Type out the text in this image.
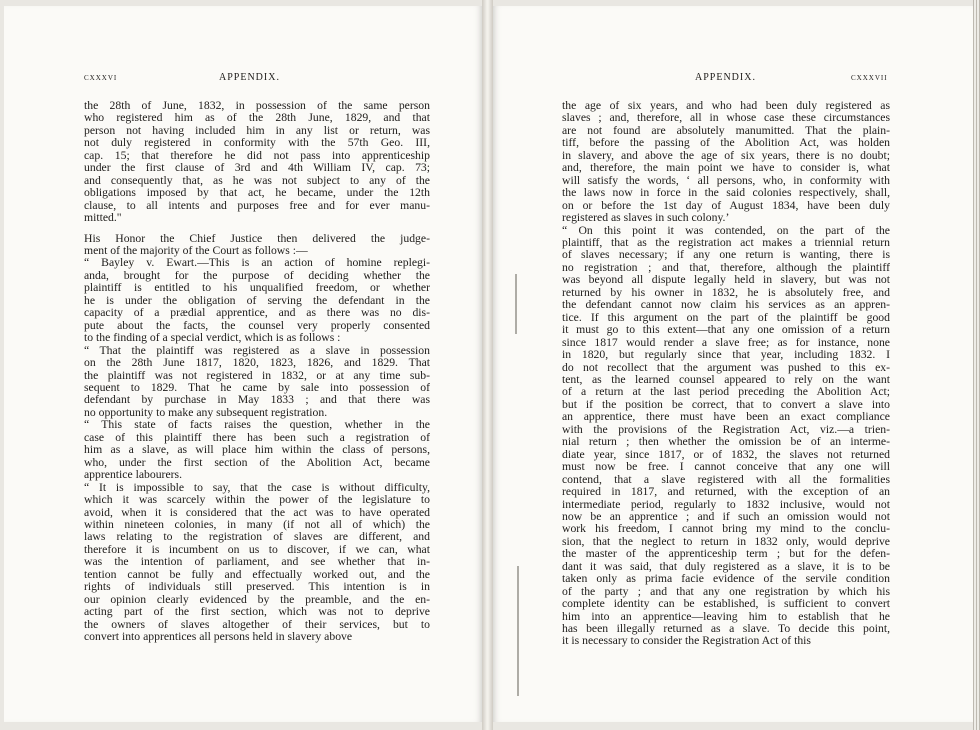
cxxxvi	APPENDIX.
the 28th of June, 1832, in possession of the same person
who registered him as of the 28th June, 1829, and that
person not having included him in any list or return, was
not duly registered in conformity with the 57th Geo. III,
cap. 15; that therefore he did not pass into apprenticeship
under the first clause of 3rd and 4th William IV, cap. 73;
and consequently that, as he was not subject to any of the
obligations imposed by that act, he became, under the 12th
clause, to all intents and purposes free and for ever manu-
mitted."
His Honor the Chief Justice then delivered the judge-
ment of the majority of the Court as follows :—
“ Bayley v. Ewart.—This is an action of homine replegi-
anda, brought for the purpose of deciding whether the
plaintiff is entitled to his unqualified freedom, or whether
he is under the obligation of serving the defendant in the
capacity of a prædial apprentice, and as there was no dis-
pute about the facts, the counsel very properly consented
to the finding of a special verdict, which is as follows :
“ That the plaintiff was registered as a slave in possession
on the 28th June 1817, 1820, 1823, 1826, and 1829. That
the plaintiff was not registered in 1832, or at any time sub-
sequent to 1829. That he came by sale into possession of
defendant by purchase in May 1833 ; and that there was
no opportunity to make any subsequent registration.
“ This state of facts raises the question, whether in the
case of this plaintiff there has been such a registration of
him as a slave, as will place him within the class of persons,
who, under the first section of the Abolition Act, became
apprentice labourers.
“ It is impossible to say, that the case is without difficulty,
which it was scarcely within the power of the legislature to
avoid, when it is considered that the act was to have operated
within nineteen colonies, in many (if not all of which) the
laws relating to the registration of slaves are different, and
therefore it is incumbent on us to discover, if we can, what
was the intention of parliament, and see whether that in-
tention cannot be fully and effectually worked out, and the
rights of individuals still preserved. This intention is in
our opinion clearly evidenced by the preamble, and the en-
acting part of the first section, which was not to deprive
the owners of slaves altogether of their services, but to
convert into apprentices all persons held in slavery above
APPENDIX.	cxxxvii
the age of six years, and who had been duly registered as
slaves ; and, therefore, all in whose case these circumstances
are not found are absolutely manumitted. That the plain-
tiff, before the passing of the Abolition Act, was holden
in slavery, and above the age of six years, there is no doubt;
and, therefore, the main point we have to consider is, what
will satisfy the words, ‘ all persons, who, in conformity with
the laws now in force in the said colonies respectively, shall,
on or before the 1st day of August 1834, have been duly
registered as slaves in such colony.’
“ On this point it was contended, on the part of the
plaintiff, that as the registration act makes a triennial return
of slaves necessary; if any one return is wanting, there is
no registration ; and that, therefore, although the plaintiff
was beyond all dispute legally held in slavery, but was not
returned by his owner in 1832, he is absolutely free, and
the defendant cannot now claim his services as an appren-
tice. If this argument on the part of the plaintiff be good
it must go to this extent—that any one omission of a return
since 1817 would render a slave free; as for instance, none
in 1820, but regularly since that year, including 1832. I
do not recollect that the argument was pushed to this ex-
tent, as the learned counsel appeared to rely on the want
of a return at the last period preceding the Abolition Act;
but if the position be correct, that to convert a slave into
an apprentice, there must have been an exact compliance
with the provisions of the Registration Act, viz.—a trien-
nial return ; then whether the omission be of an interme-
diate year, since 1817, or of 1832, the slaves not returned
must now be free. I cannot conceive that any one will
contend, that a slave registered with all the formalities
required in 1817, and returned, with the exception of an
intermediate period, regularly to 1832 inclusive, would not
now be an apprentice ; and if such an omission would not
work his freedom, I cannot bring my mind to the conclu-
sion, that the neglect to return in 1832 only, would deprive
the master of the apprenticeship term ; but for the defen-
dant it was said, that duly registered as a slave, it is to be
taken only as prima facie evidence of the servile condition
of the party ; and that any one registration by which his
complete identity can be established, is sufficient to convert
him into an apprentice—leaving him to establish that he
has been illegally returned as a slave. To decide this point,
it is necessary to consider the Registration Act of this
